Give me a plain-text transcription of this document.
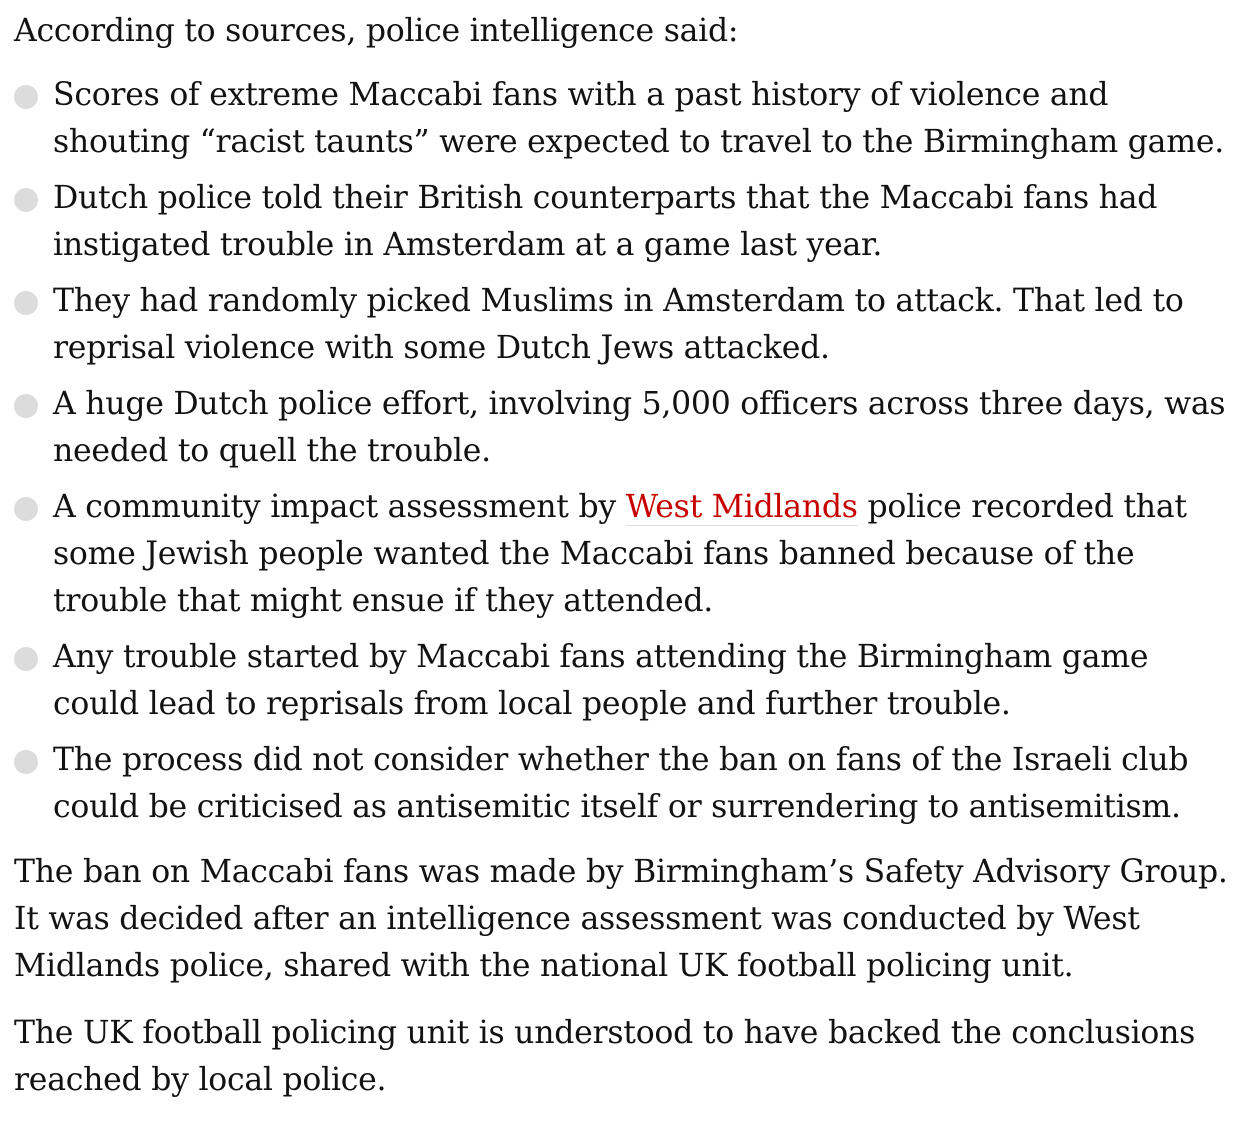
According to sources, police intelligence said:

Scores of extreme Maccabi fans with a past history of violence and shouting “racist taunts” were expected to travel to the Birmingham game.
Dutch police told their British counterparts that the Maccabi fans had instigated trouble in Amsterdam at a game last year.
They had randomly picked Muslims in Amsterdam to attack. That led to reprisal violence with some Dutch Jews attacked.
A huge Dutch police effort, involving 5,000 officers across three days, was needed to quell the trouble.
A community impact assessment by West Midlands police recorded that some Jewish people wanted the Maccabi fans banned because of the trouble that might ensue if they attended.
Any trouble started by Maccabi fans attending the Birmingham game could lead to reprisals from local people and further trouble.
The process did not consider whether the ban on fans of the Israeli club could be criticised as antisemitic itself or surrendering to antisemitism.

The ban on Maccabi fans was made by Birmingham’s Safety Advisory Group. It was decided after an intelligence assessment was conducted by West Midlands police, shared with the national UK football policing unit.

The UK football policing unit is understood to have backed the conclusions reached by local police.
